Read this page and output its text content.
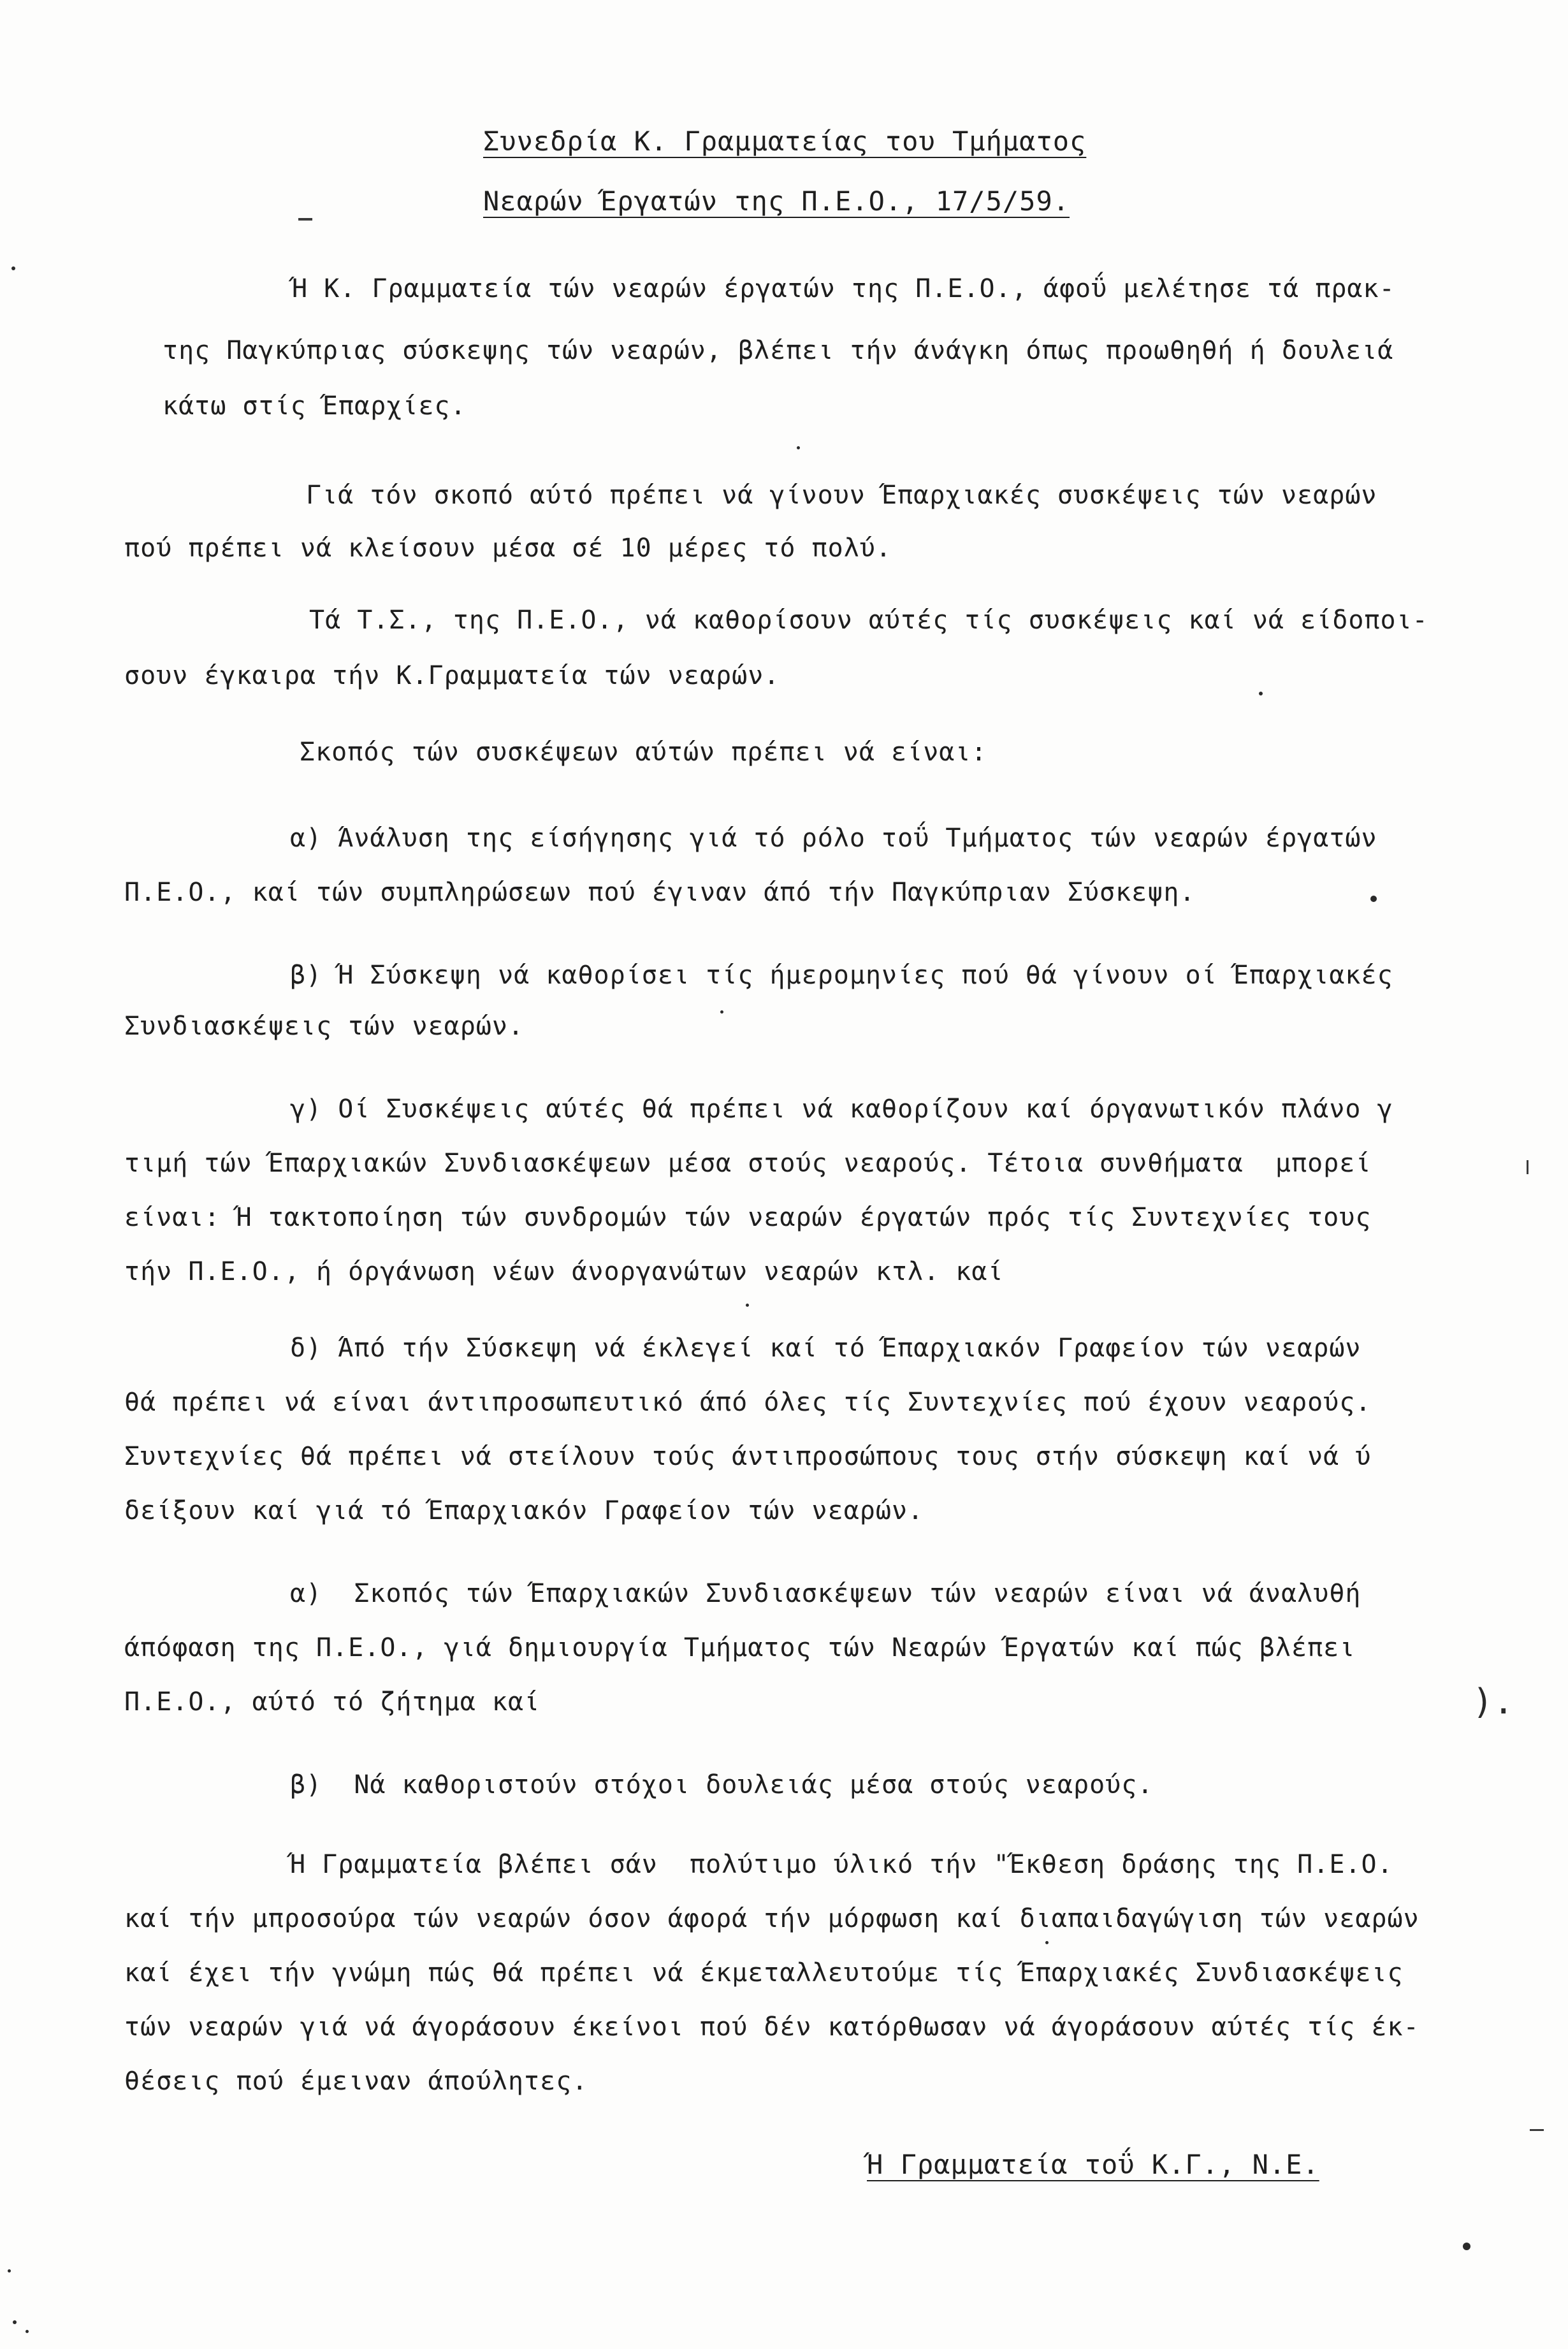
Συνεδρία Κ. Γραμματείας του Τμήματος
Νεαρών Έργατών της Π.Ε.Ο., 17/5/59.
Ή Κ. Γραμματεία τών νεαρών έργατών της Π.Ε.Ο., άφοΰ μελέτησε τά πρακ-
της Παγκύπριας σύσκεψης τών νεαρών, βλέπει τήν άνάγκη όπως προωθηθή ή δουλειά
κάτω στίς Έπαρχίες.
Γιά τόν σκοπό αύτό πρέπει νά γίνουν Έπαρχιακές συσκέψεις τών νεαρών
πού πρέπει νά κλείσουν μέσα σέ 10 μέρες τό πολύ.
Τά Τ.Σ., της Π.Ε.Ο., νά καθορίσουν αύτές τίς συσκέψεις καί νά είδοποι-
σουν έγκαιρα τήν Κ.Γραμματεία τών νεαρών.
Σκοπός τών συσκέψεων αύτών πρέπει νά είναι:
α) Άνάλυση της είσήγησης γιά τό ρόλο τοΰ Τμήματος τών νεαρών έργατών
Π.Ε.Ο., καί τών συμπληρώσεων πού έγιναν άπό τήν Παγκύπριαν Σύσκεψη.
β) Ή Σύσκεψη νά καθορίσει τίς ήμερομηνίες πού θά γίνουν οί Έπαρχιακές
Συνδιασκέψεις τών νεαρών.
γ) Οί Συσκέψεις αύτές θά πρέπει νά καθορίζουν καί όργανωτικόν πλάνο γ
τιμή τών Έπαρχιακών Συνδιασκέψεων μέσα στούς νεαρούς. Τέτοια συνθήματα  μπορεί
είναι: Ή τακτοποίηση τών συνδρομών τών νεαρών έργατών πρός τίς Συντεχνίες τους
τήν Π.Ε.Ο., ή όργάνωση νέων άνοργανώτων νεαρών κτλ. καί
δ) Άπό τήν Σύσκεψη νά έκλεγεί καί τό Έπαρχιακόν Γραφείον τών νεαρών
θά πρέπει νά είναι άντιπροσωπευτικό άπό όλες τίς Συντεχνίες πού έχουν νεαρούς.
Συντεχνίες θά πρέπει νά στείλουν τούς άντιπροσώπους τους στήν σύσκεψη καί νά ύ
δείξουν καί γιά τό Έπαρχιακόν Γραφείον τών νεαρών.
α)  Σκοπός τών Έπαρχιακών Συνδιασκέψεων τών νεαρών είναι νά άναλυθή
άπόφαση της Π.Ε.Ο., γιά δημιουργία Τμήματος τών Νεαρών Έργατών καί πώς βλέπει
Π.Ε.Ο., αύτό τό ζήτημα καί
β)  Νά καθοριστούν στόχοι δουλειάς μέσα στούς νεαρούς.
Ή Γραμματεία βλέπει σάν  πολύτιμο ύλικό τήν "Έκθεση δράσης της Π.Ε.Ο.
καί τήν μπροσούρα τών νεαρών όσον άφορά τήν μόρφωση καί διαπαιδαγώγιση τών νεαρών
καί έχει τήν γνώμη πώς θά πρέπει νά έκμεταλλευτούμε τίς Έπαρχιακές Συνδιασκέψεις
τών νεαρών γιά νά άγοράσουν έκείνοι πού δέν κατόρθωσαν νά άγοράσουν αύτές τίς έκ-
θέσεις πού έμειναν άπούλητες.
Ή Γραμματεία τοΰ Κ.Γ., Ν.Ε.
).
